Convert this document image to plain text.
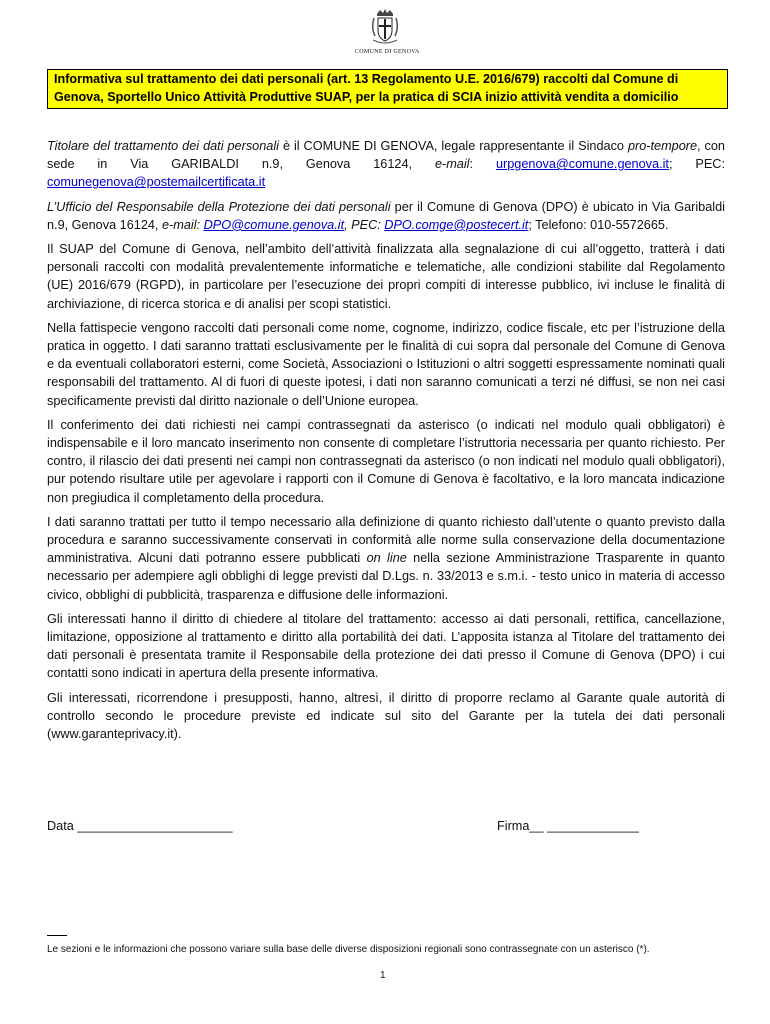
COMUNE DI GENOVA
Informativa sul trattamento dei dati personali (art. 13 Regolamento U.E. 2016/679) raccolti dal Comune di Genova, Sportello Unico Attività Produttive SUAP, per la pratica di SCIA inizio attività vendita a domicilio

Titolare del trattamento dei dati personali è il COMUNE DI GENOVA, legale rappresentante il Sindaco pro-tempore, con sede in Via GARIBALDI n.9, Genova 16124, e-mail: urpgenova@comune.genova.it; PEC: comunegenova@postemailcertificata.it

L’Ufficio del Responsabile della Protezione dei dati personali per il Comune di Genova (DPO) è ubicato in Via Garibaldi n.9, Genova 16124, e-mail: DPO@comune.genova.it, PEC: DPO.comge@postecert.it; Telefono: 010-5572665.

Il SUAP del Comune di Genova, nell’ambito dell’attività finalizzata alla segnalazione di cui all’oggetto, tratterà i dati personali raccolti con modalità prevalentemente informatiche e telematiche, alle condizioni stabilite dal Regolamento (UE) 2016/679 (RGPD), in particolare per l’esecuzione dei propri compiti di interesse pubblico, ivi incluse le finalità di archiviazione, di ricerca storica e di analisi per scopi statistici.

Nella fattispecie vengono raccolti dati personali come nome, cognome, indirizzo, codice fiscale, etc per l’istruzione della pratica in oggetto. I dati saranno trattati esclusivamente per le finalità di cui sopra dal personale del Comune di Genova e da eventuali collaboratori esterni, come Società, Associazioni o Istituzioni o altri soggetti espressamente nominati quali responsabili del trattamento. Al di fuori di queste ipotesi, i dati non saranno comunicati a terzi né diffusi, se non nei casi specificamente previsti dal diritto nazionale o dell’Unione europea.

Il conferimento dei dati richiesti nei campi contrassegnati da asterisco (o indicati nel modulo quali obbligatori) è indispensabile e il loro mancato inserimento non consente di completare l’istruttoria necessaria per quanto richiesto. Per contro, il rilascio dei dati presenti nei campi non contrassegnati da asterisco (o non indicati nel modulo quali obbligatori), pur potendo risultare utile per agevolare i rapporti con il Comune di Genova è facoltativo, e la loro mancata indicazione non pregiudica il completamento della procedura.

I dati saranno trattati per tutto il tempo necessario alla definizione di quanto richiesto dall’utente o quanto previsto dalla procedura e saranno successivamente conservati in conformità alle norme sulla conservazione della documentazione amministrativa. Alcuni dati potranno essere pubblicati on line nella sezione Amministrazione Trasparente in quanto necessario per adempiere agli obblighi di legge previsti dal D.Lgs. n. 33/2013 e s.m.i. - testo unico in materia di accesso civico, obblighi di pubblicità, trasparenza e diffusione delle informazioni.

Gli interessati hanno il diritto di chiedere al titolare del trattamento: accesso ai dati personali, rettifica, cancellazione, limitazione, opposizione al trattamento e diritto alla portabilità dei dati. L’apposita istanza al Titolare del trattamento dei dati personali è presentata tramite il Responsabile della protezione dei dati presso il Comune di Genova (DPO) i cui contatti sono indicati in apertura della presente informativa.

Gli interessati, ricorrendone i presupposti, hanno, altresì, il diritto di proporre reclamo al Garante quale autorità di controllo secondo le procedure previste ed indicate sul sito del Garante per la tutela dei dati personali (www.garanteprivacy.it).

Data ______________________	Firma__ _____________
Le sezioni e le informazioni che possono variare sulla base delle diverse disposizioni regionali sono contrassegnate con un asterisco (*).
1
